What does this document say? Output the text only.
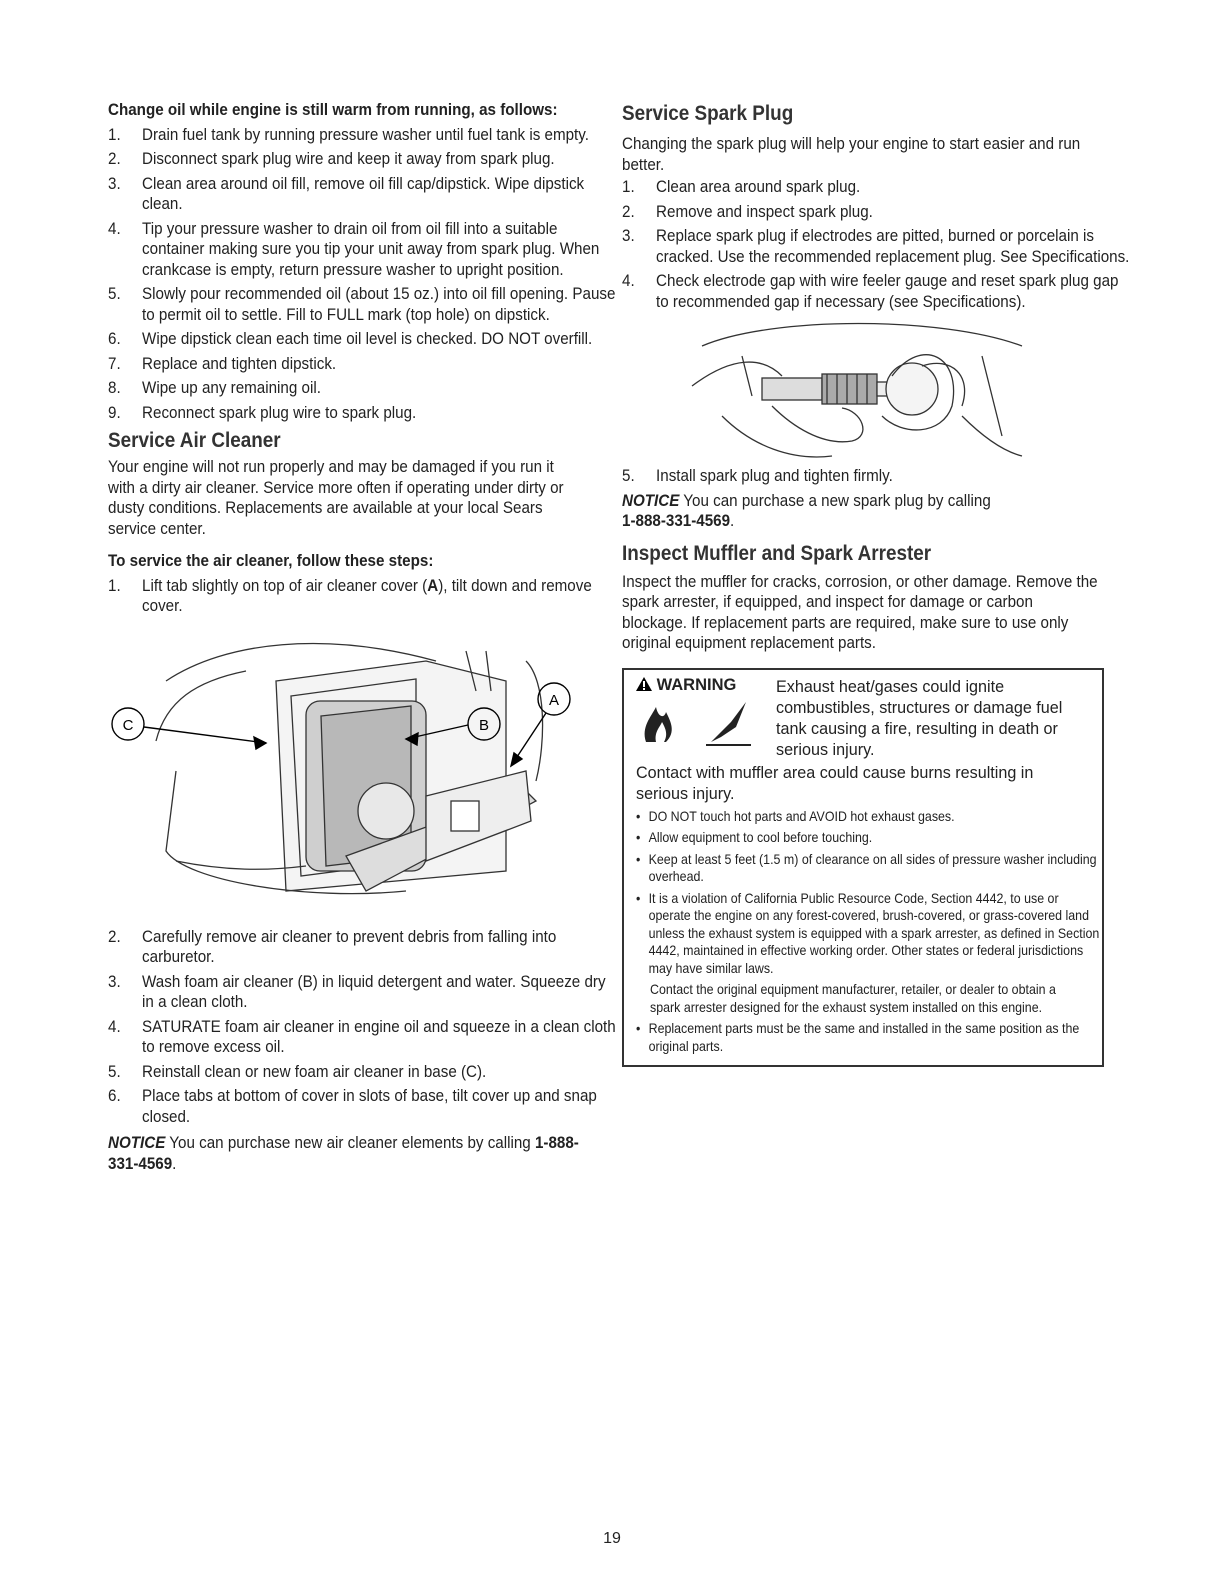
Change oil while engine is still warm from running, as follows:

1. Drain fuel tank by running pressure washer until fuel tank is empty.
2. Disconnect spark plug wire and keep it away from spark plug.
3. Clean area around oil fill, remove oil fill cap/dipstick. Wipe dipstick clean.
4. Tip your pressure washer to drain oil from oil fill into a suitable container making sure you tip your unit away from spark plug. When crankcase is empty, return pressure washer to upright position.
5. Slowly pour recommended oil (about 15 oz.) into oil fill opening. Pause to permit oil to settle. Fill to FULL mark (top hole) on dipstick.
6. Wipe dipstick clean each time oil level is checked. DO NOT overfill.
7. Replace and tighten dipstick.
8. Wipe up any remaining oil.
9. Reconnect spark plug wire to spark plug.
Service Air Cleaner

Your engine will not run properly and may be damaged if you run it with a dirty air cleaner. Service more often if operating under dirty or dusty conditions. Replacements are available at your local Sears service center.

To service the air cleaner, follow these steps:

1. Lift tab slightly on top of air cleaner cover (A), tilt down and remove cover.
C	B
A
2. Carefully remove air cleaner to prevent debris from falling into carburetor.
3. Wash foam air cleaner (B) in liquid detergent and water. Squeeze dry in a clean cloth.
4. SATURATE foam air cleaner in engine oil and squeeze in a clean cloth to remove excess oil.
5. Reinstall clean or new foam air cleaner in base (C).
6. Place tabs at bottom of cover in slots of base, tilt cover up and snap closed.

NOTICE You can purchase new air cleaner elements by calling 1-888-331-4569.

Service Spark Plug

Changing the spark plug will help your engine to start easier and run better.

1. Clean area around spark plug.
2. Remove and inspect spark plug.
3. Replace spark plug if electrodes are pitted, burned or porcelain is cracked. Use the recommended replacement plug. See Specifications.
4. Check electrode gap with wire feeler gauge and reset spark plug gap to recommended gap if necessary (see Specifications).
5. Install spark plug and tighten firmly.

NOTICE You can purchase a new spark plug by calling
1-888-331-4569.

Inspect Muffler and Spark Arrester

Inspect the muffler for cracks, corrosion, or other damage. Remove the spark arrester, if equipped, and inspect for damage or carbon blockage. If replacement parts are required, make sure to use only original equipment replacement parts.

WARNING	Exhaust heat/gases could ignite combustibles, structures or damage fuel tank causing a fire, resulting in death or serious injury.

Contact with muffler area could cause burns resulting in serious injury.

• DO NOT touch hot parts and AVOID hot exhaust gases.
• Allow equipment to cool before touching.
• Keep at least 5 feet (1.5 m) of clearance on all sides of pressure washer including overhead.
• It is a violation of California Public Resource Code, Section 4442, to use or operate the engine on any forest-covered, brush-covered, or grass-covered land unless the exhaust system is equipped with a spark arrester, as defined in Section 4442, maintained in effective working order. Other states or federal jurisdictions may have similar laws.

Contact the original equipment manufacturer, retailer, or dealer to obtain a spark arrester designed for the exhaust system installed on this engine.

• Replacement parts must be the same and installed in the same position as the original parts.
19
